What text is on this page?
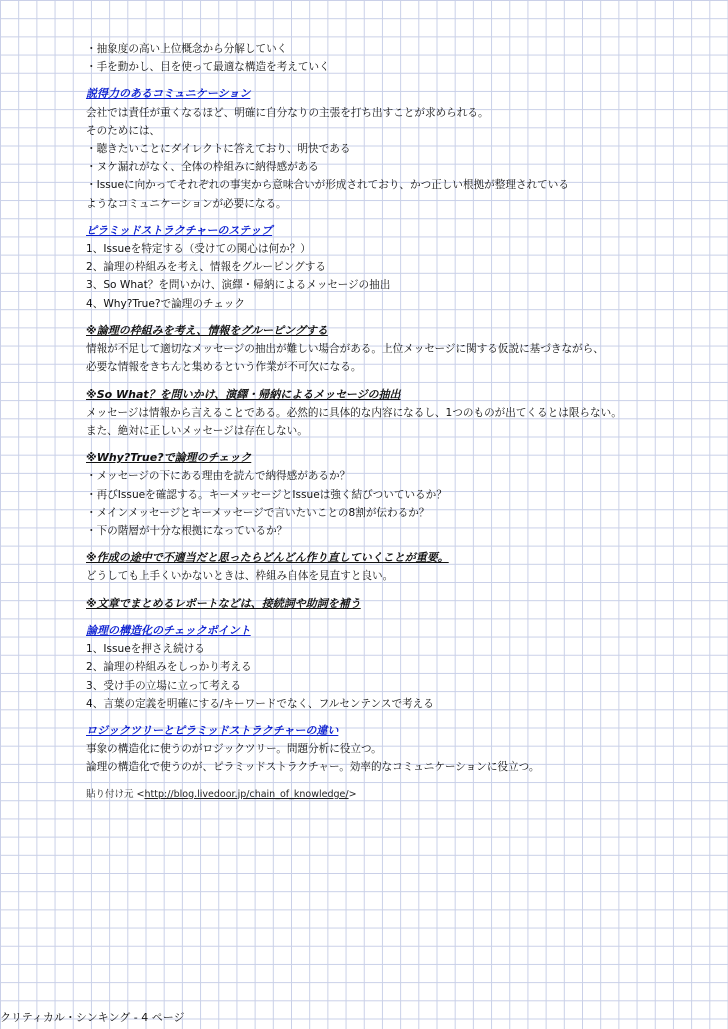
・抽象度の高い上位概念から分解していく
・手を動かし、目を使って最適な構造を考えていく
説得力のあるコミュニケーション
会社では責任が重くなるほど、明確に自分なりの主張を打ち出すことが求められる。
そのためには、
・聴きたいことにダイレクトに答えており、明快である
・ヌケ漏れがなく、全体の枠組みに納得感がある
・Issueに向かってそれぞれの事実から意味合いが形成されており、かつ正しい根拠が整理されている
ようなコミュニケーションが必要になる。
ピラミッドストラクチャーのステップ
1、Issueを特定する（受けての関心は何か？）
2、論理の枠組みを考え、情報をグルーピングする
3、So What？を問いかけ、演繹・帰納によるメッセージの抽出
4、Why?True?で論理のチェック
※論理の枠組みを考え、情報をグルーピングする
情報が不足して適切なメッセージの抽出が難しい場合がある。上位メッセージに関する仮説に基づきながら、
必要な情報をきちんと集めるという作業が不可欠になる。
※So What？を問いかけ、演繹・帰納によるメッセージの抽出
メッセージは情報から言えることである。必然的に具体的な内容になるし、1つのものが出てくるとは限らない。
また、絶対に正しいメッセージは存在しない。
※Why?True?で論理のチェック
・メッセージの下にある理由を読んで納得感があるか？
・再びIssueを確認する。キーメッセージとIssueは強く結びついているか？
・メインメッセージとキーメッセージで言いたいことの8割が伝わるか？
・下の階層が十分な根拠になっているか？
※作成の途中で不適当だと思ったらどんどん作り直していくことが重要。
どうしても上手くいかないときは、枠組み自体を見直すと良い。
※文章でまとめるレポートなどは、接続詞や助詞を補う
論理の構造化のチェックポイント
1、Issueを押さえ続ける
2、論理の枠組みをしっかり考える
3、受け手の立場に立って考える
4、言葉の定義を明確にする/キーワードでなく、フルセンテンスで考える
ロジックツリーとピラミッドストラクチャーの違い
事象の構造化に使うのがロジックツリー。問題分析に役立つ。
論理の構造化で使うのが、ピラミッドストラクチャー。効率的なコミュニケーションに役立つ。
貼り付け元 <http://blog.livedoor.jp/chain_of_knowledge/>
クリティカル・シンキング - 4 ページ
